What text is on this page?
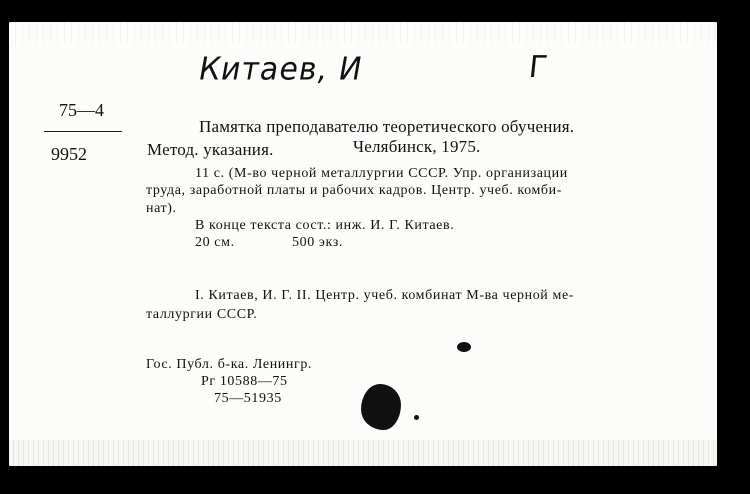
Китаев, И	Г
75—4
9952
Памятка преподавателю теоретического обучения.
Метод. указания.	Челябинск, 1975.
11 с. (М-во черной металлургии СССР. Упр. организации
труда, заработной платы и рабочих кадров. Центр. учеб. комби-
нат).
В конце текста сост.: инж. И. Г. Китаев.
20 см.	500 экз.
I. Китаев, И. Г. II. Центр. учеб. комбинат М-ва черной ме-
таллургии СССР.
Гос. Публ. б-ка. Ленингр.
Рг 10588—75
75—51935
